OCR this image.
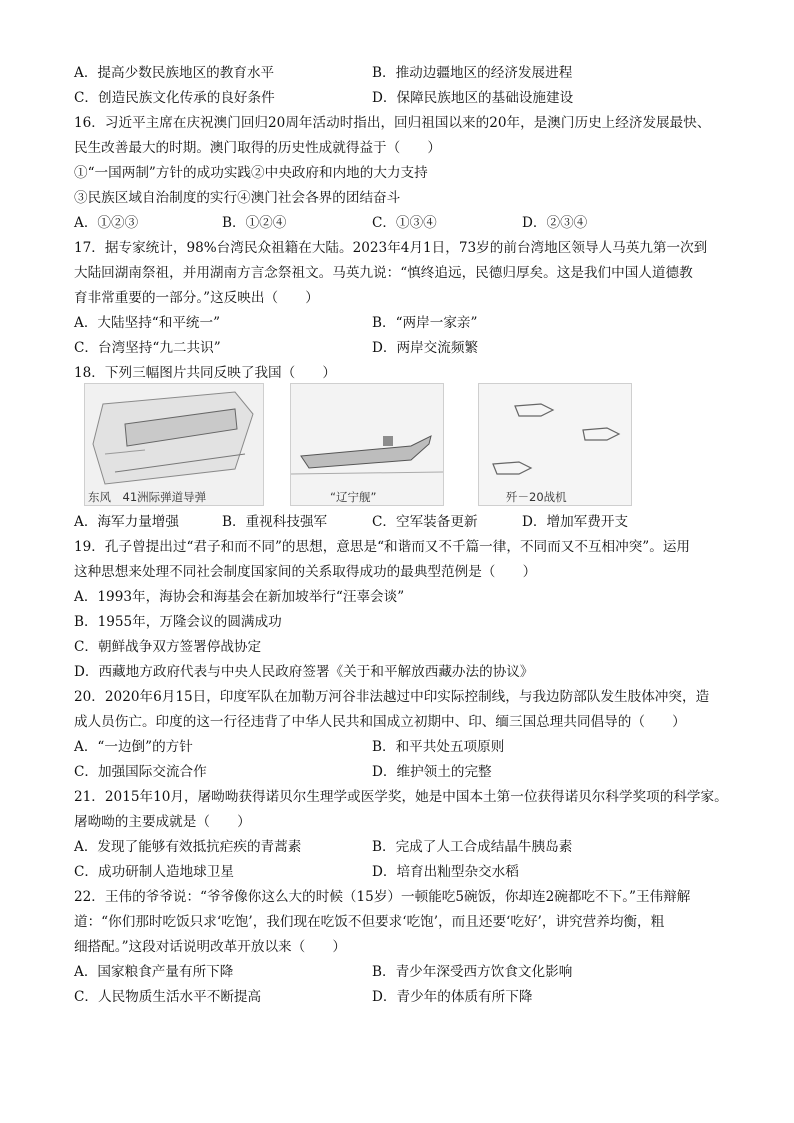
A．提高少数民族地区的教育水平	B．推动边疆地区的经济发展进程
C．创造民族文化传承的良好条件	D．保障民族地区的基础设施建设
16．习近平主席在庆祝澳门回归20周年活动时指出，回归祖国以来的20年，是澳门历史上经济发展最快、
民生改善最大的时期。澳门取得的历史性成就得益于（　　）
①“一国两制”方针的成功实践②中央政府和内地的大力支持
③民族区域自治制度的实行④澳门社会各界的团结奋斗
A．①②③	B．①②④	C．①③④	D．②③④
17．据专家统计，98%台湾民众祖籍在大陆。2023年4月1日，73岁的前台湾地区领导人马英九第一次到
大陆回湖南祭祖，并用湖南方言念祭祖文。马英九说：“慎终追远，民德归厚矣。这是我们中国人道德教
育非常重要的一部分。”这反映出（　　）
A．大陆坚持“和平统一”	B．“两岸一家亲”
C．台湾坚持“九二共识”	D．两岸交流频繁
18．下列三幅图片共同反映了我国（　　）
东风　41洲际弹道导弹	“辽宁舰”	歼－20战机
A．海军力量增强	B．重视科技强军	C．空军装备更新	D．增加军费开支
19．孔子曾提出过“君子和而不同”的思想，意思是“和谐而又不千篇一律，不同而又不互相冲突”。运用
这种思想来处理不同社会制度国家间的关系取得成功的最典型范例是（　　）
A．1993年，海协会和海基会在新加坡举行“汪辜会谈”
B．1955年，万隆会议的圆满成功
C．朝鲜战争双方签署停战协定
D．西藏地方政府代表与中央人民政府签署《关于和平解放西藏办法的协议》
20．2020年6月15日，印度军队在加勒万河谷非法越过中印实际控制线，与我边防部队发生肢体冲突，造
成人员伤亡。印度的这一行径违背了中华人民共和国成立初期中、印、缅三国总理共同倡导的（　　）
A．“一边倒”的方针	B．和平共处五项原则
C．加强国际交流合作	D．维护领土的完整
21．2015年10月，屠呦呦获得诺贝尔生理学或医学奖，她是中国本土第一位获得诺贝尔科学奖项的科学家。
屠呦呦的主要成就是（　　）
A．发现了能够有效抵抗疟疾的青蒿素	B．完成了人工合成结晶牛胰岛素
C．成功研制人造地球卫星	D．培育出籼型杂交水稻
22．王伟的爷爷说：“爷爷像你这么大的时候（15岁）一顿能吃5碗饭，你却连2碗都吃不下。”王伟辩解
道：“你们那时吃饭只求‘吃饱’，我们现在吃饭不但要求‘吃饱’，而且还要‘吃好’，讲究营养均衡，粗
细搭配。”这段对话说明改革开放以来（　　）
A．国家粮食产量有所下降	B．青少年深受西方饮食文化影响
C．人民物质生活水平不断提高	D．青少年的体质有所下降
